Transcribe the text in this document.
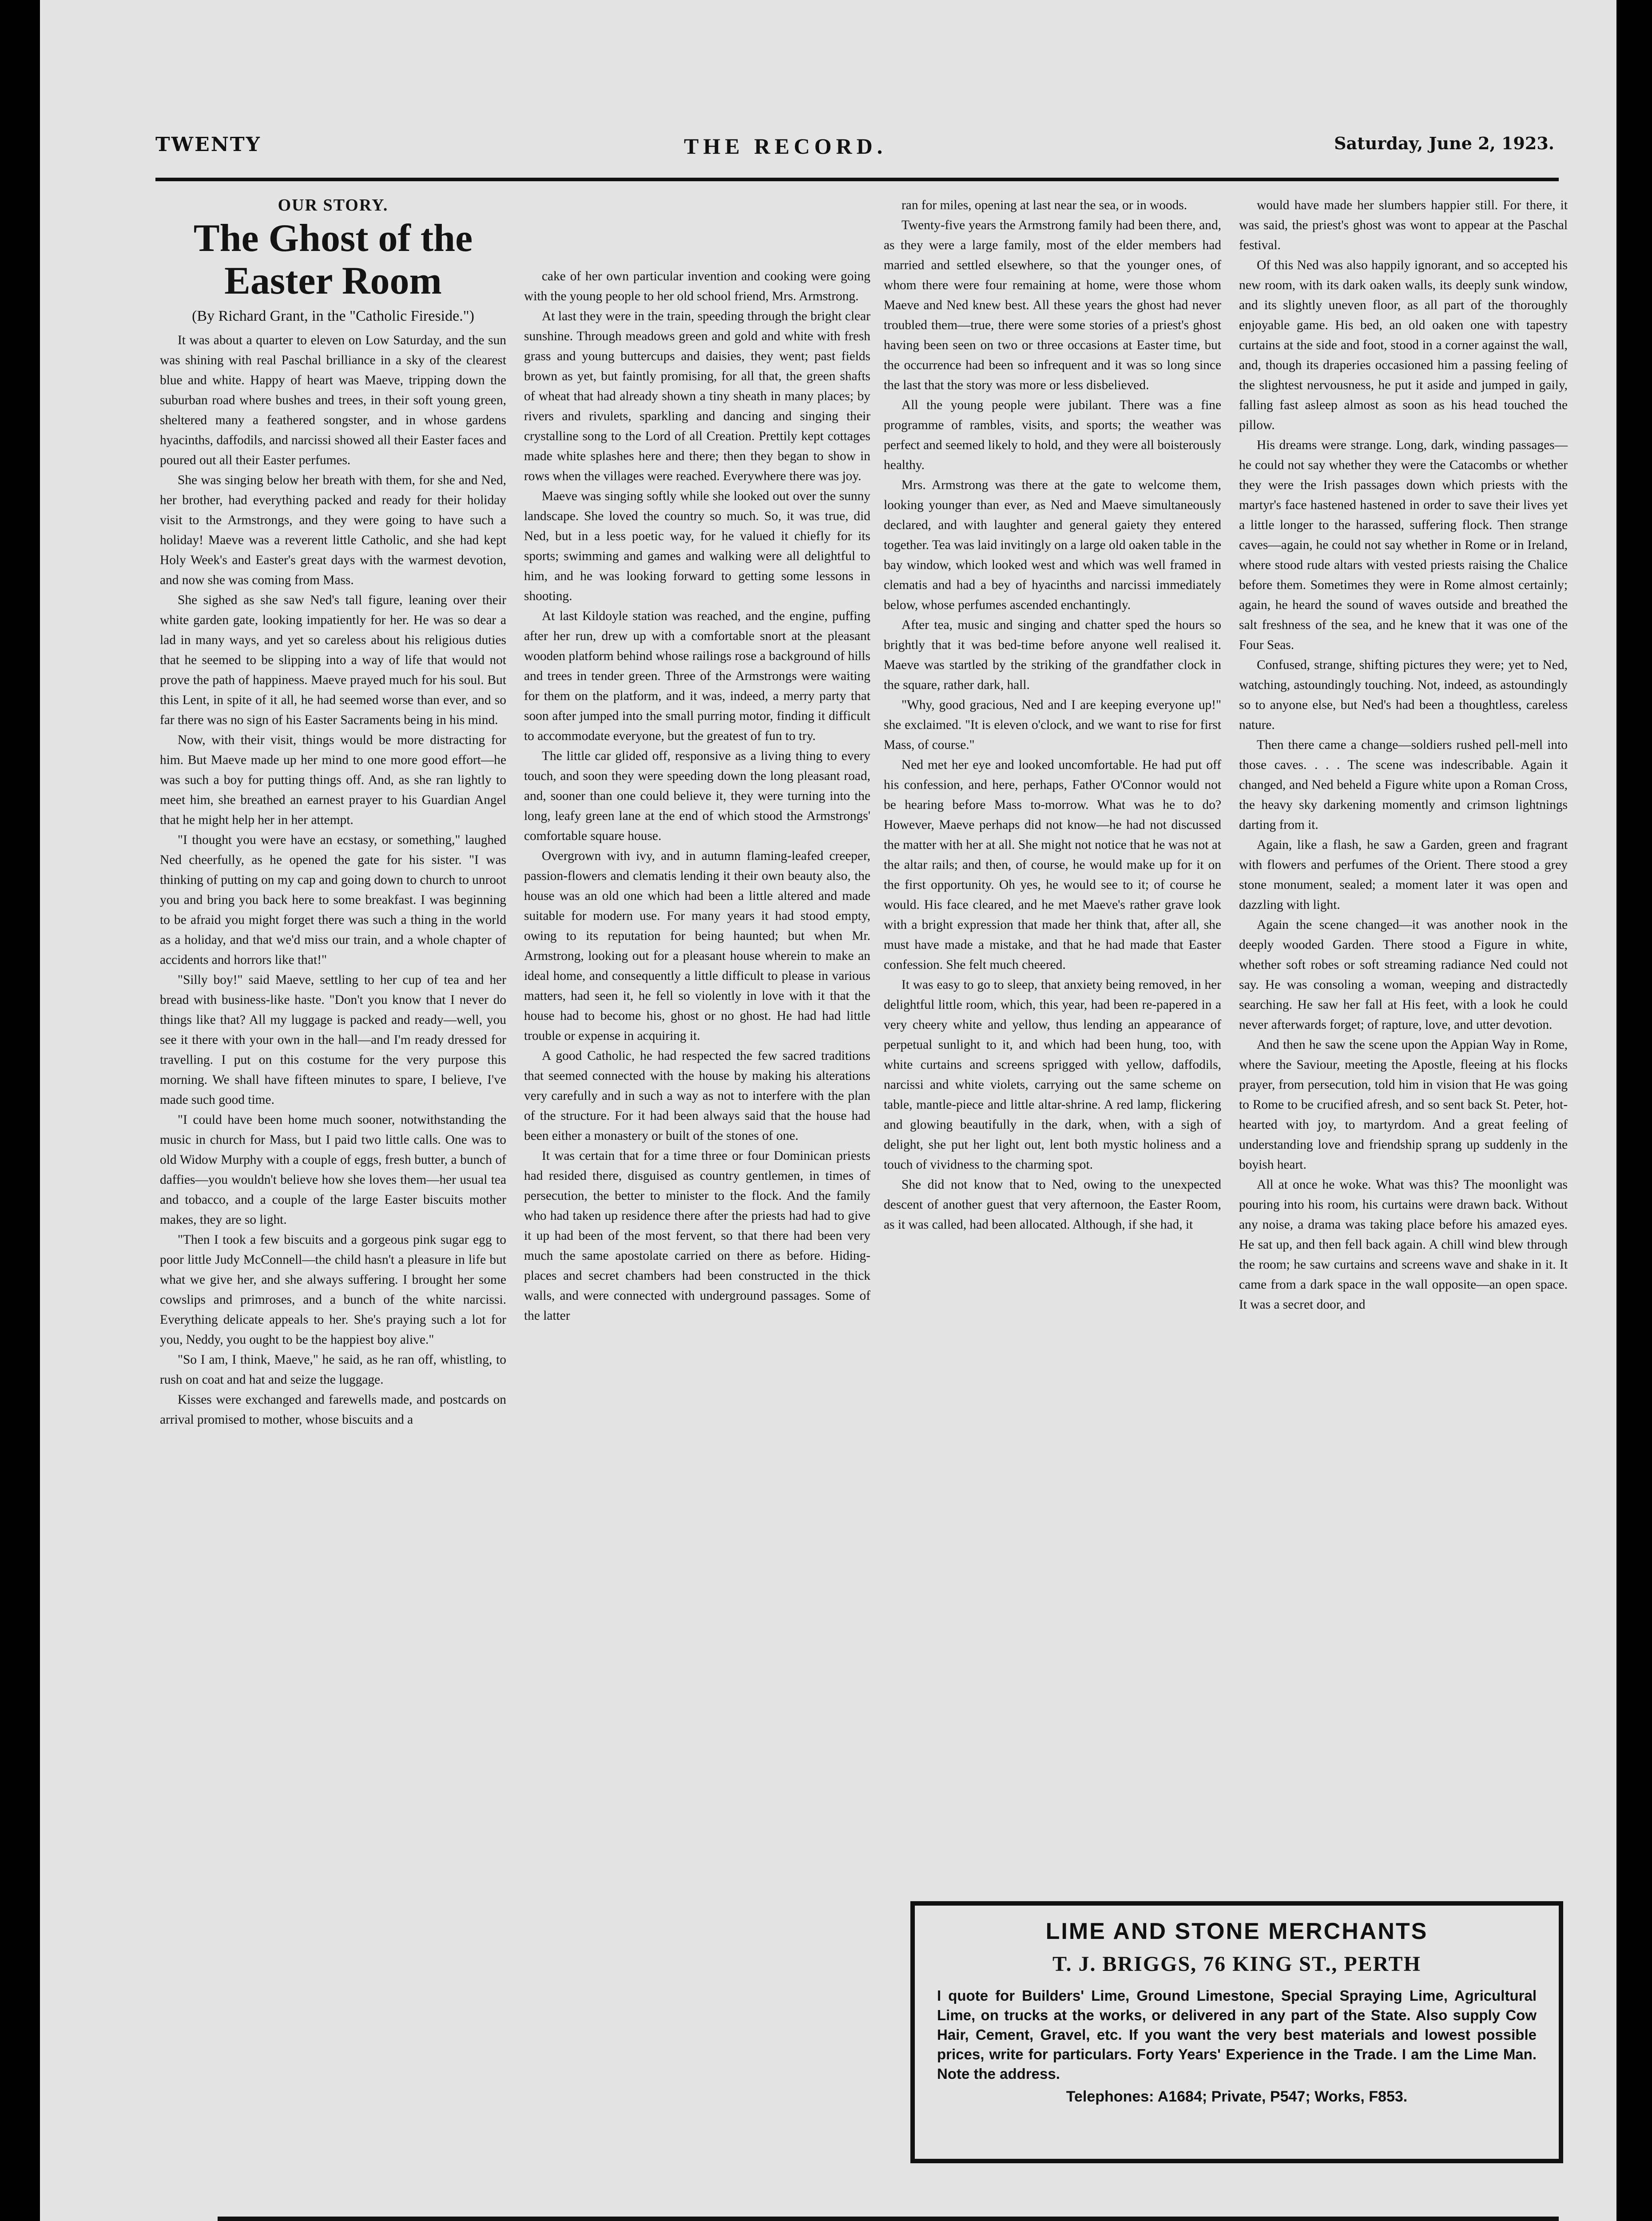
TWENTY	THE RECORD.	Saturday, June 2, 1923.
OUR STORY.
The Ghost of the Easter Room
(By Richard Grant, in the "Catholic Fireside.")

It was about a quarter to eleven on Low Saturday, and the sun was shining with real Paschal brilliance in a sky of the clearest blue and white. Happy of heart was Maeve, tripping down the suburban road where bushes and trees, in their soft young green, sheltered many a feathered songster, and in whose gardens hyacinths, daffodils, and narcissi showed all their Easter faces and poured out all their Easter perfumes.

She was singing below her breath with them, for she and Ned, her brother, had everything packed and ready for their holiday visit to the Armstrongs, and they were going to have such a holiday! Maeve was a reverent little Catholic, and she had kept Holy Week's and Easter's great days with the warmest devotion, and now she was coming from Mass.

She sighed as she saw Ned's tall figure, leaning over their white garden gate, looking impatiently for her. He was so dear a lad in many ways, and yet so careless about his religious duties that he seemed to be slipping into a way of life that would not prove the path of happiness. Maeve prayed much for his soul. But this Lent, in spite of it all, he had seemed worse than ever, and so far there was no sign of his Easter Sacraments being in his mind.

Now, with their visit, things would be more distracting for him. But Maeve made up her mind to one more good effort—he was such a boy for putting things off. And, as she ran lightly to meet him, she breathed an earnest prayer to his Guardian Angel that he might help her in her attempt.

"I thought you were have an ecstasy, or something," laughed Ned cheerfully, as he opened the gate for his sister. "I was thinking of putting on my cap and going down to church to unroot you and bring you back here to some breakfast. I was beginning to be afraid you might forget there was such a thing in the world as a holiday, and that we'd miss our train, and a whole chapter of accidents and horrors like that!"

"Silly boy!" said Maeve, settling to her cup of tea and her bread with business-like haste. "Don't you know that I never do things like that? All my luggage is packed and ready—well, you see it there with your own in the hall—and I'm ready dressed for travelling. I put on this costume for the very purpose this morning. We shall have fifteen minutes to spare, I believe, I've made such good time.

"I could have been home much sooner, notwithstanding the music in church for Mass, but I paid two little calls. One was to old Widow Murphy with a couple of eggs, fresh butter, a bunch of daffies—you wouldn't believe how she loves them—her usual tea and tobacco, and a couple of the large Easter biscuits mother makes, they are so light.

"Then I took a few biscuits and a gorgeous pink sugar egg to poor little Judy McConnell—the child hasn't a pleasure in life but what we give her, and she always suffering. I brought her some cowslips and primroses, and a bunch of the white narcissi. Everything delicate appeals to her. She's praying such a lot for you, Neddy, you ought to be the happiest boy alive."

"So I am, I think, Maeve," he said, as he ran off, whistling, to rush on coat and hat and seize the luggage.

Kisses were exchanged and farewells made, and postcards on arrival promised to mother, whose biscuits and a

cake of her own particular invention and cooking were going with the young people to her old school friend, Mrs. Armstrong.

At last they were in the train, speeding through the bright clear sunshine. Through meadows green and gold and white with fresh grass and young buttercups and daisies, they went; past fields brown as yet, but faintly promising, for all that, the green shafts of wheat that had already shown a tiny sheath in many places; by rivers and rivulets, sparkling and dancing and singing their crystalline song to the Lord of all Creation. Prettily kept cottages made white splashes here and there; then they began to show in rows when the villages were reached. Everywhere there was joy.

Maeve was singing softly while she looked out over the sunny landscape. She loved the country so much. So, it was true, did Ned, but in a less poetic way, for he valued it chiefly for its sports; swimming and games and walking were all delightful to him, and he was looking forward to getting some lessons in shooting.

At last Kildoyle station was reached, and the engine, puffing after her run, drew up with a comfortable snort at the pleasant wooden platform behind whose railings rose a background of hills and trees in tender green. Three of the Armstrongs were waiting for them on the platform, and it was, indeed, a merry party that soon after jumped into the small purring motor, finding it difficult to accommodate everyone, but the greatest of fun to try.

The little car glided off, responsive as a living thing to every touch, and soon they were speeding down the long pleasant road, and, sooner than one could believe it, they were turning into the long, leafy green lane at the end of which stood the Armstrongs' comfortable square house.

Overgrown with ivy, and in autumn flaming-leafed creeper, passion-flowers and clematis lending it their own beauty also, the house was an old one which had been a little altered and made suitable for modern use. For many years it had stood empty, owing to its reputation for being haunted; but when Mr. Armstrong, looking out for a pleasant house wherein to make an ideal home, and consequently a little difficult to please in various matters, had seen it, he fell so violently in love with it that the house had to become his, ghost or no ghost. He had had little trouble or expense in acquiring it.

A good Catholic, he had respected the few sacred traditions that seemed connected with the house by making his alterations very carefully and in such a way as not to interfere with the plan of the structure. For it had been always said that the house had been either a monastery or built of the stones of one.

It was certain that for a time three or four Dominican priests had resided there, disguised as country gentlemen, in times of persecution, the better to minister to the flock. And the family who had taken up residence there after the priests had had to give it up had been of the most fervent, so that there had been very much the same apostolate carried on there as before. Hiding-places and secret chambers had been constructed in the thick walls, and were connected with underground passages. Some of the latter

ran for miles, opening at last near the sea, or in woods.

Twenty-five years the Armstrong family had been there, and, as they were a large family, most of the elder members had married and settled elsewhere, so that the younger ones, of whom there were four remaining at home, were those whom Maeve and Ned knew best. All these years the ghost had never troubled them—true, there were some stories of a priest's ghost having been seen on two or three occasions at Easter time, but the occurrence had been so infrequent and it was so long since the last that the story was more or less disbelieved.

All the young people were jubilant. There was a fine programme of rambles, visits, and sports; the weather was perfect and seemed likely to hold, and they were all boisterously healthy.

Mrs. Armstrong was there at the gate to welcome them, looking younger than ever, as Ned and Maeve simultaneously declared, and with laughter and general gaiety they entered together. Tea was laid invitingly on a large old oaken table in the bay window, which looked west and which was well framed in clematis and had a bey of hyacinths and narcissi immediately below, whose perfumes ascended enchantingly.

After tea, music and singing and chatter sped the hours so brightly that it was bed-time before anyone well realised it. Maeve was startled by the striking of the grandfather clock in the square, rather dark, hall.

"Why, good gracious, Ned and I are keeping everyone up!" she exclaimed. "It is eleven o'clock, and we want to rise for first Mass, of course."

Ned met her eye and looked uncomfortable. He had put off his confession, and here, perhaps, Father O'Connor would not be hearing before Mass to-morrow. What was he to do? However, Maeve perhaps did not know—he had not discussed the matter with her at all. She might not notice that he was not at the altar rails; and then, of course, he would make up for it on the first opportunity. Oh yes, he would see to it; of course he would. His face cleared, and he met Maeve's rather grave look with a bright expression that made her think that, after all, she must have made a mistake, and that he had made that Easter confession. She felt much cheered.

It was easy to go to sleep, that anxiety being removed, in her delightful little room, which, this year, had been re-papered in a very cheery white and yellow, thus lending an appearance of perpetual sunlight to it, and which had been hung, too, with white curtains and screens sprigged with yellow, daffodils, narcissi and white violets, carrying out the same scheme on table, mantle-piece and little altar-shrine. A red lamp, flickering and glowing beautifully in the dark, when, with a sigh of delight, she put her light out, lent both mystic holiness and a touch of vividness to the charming spot.

She did not know that to Ned, owing to the unexpected descent of another guest that very afternoon, the Easter Room, as it was called, had been allocated. Although, if she had, it

would have made her slumbers happier still. For there, it was said, the priest's ghost was wont to appear at the Paschal festival.

Of this Ned was also happily ignorant, and so accepted his new room, with its dark oaken walls, its deeply sunk window, and its slightly uneven floor, as all part of the thoroughly enjoyable game. His bed, an old oaken one with tapestry curtains at the side and foot, stood in a corner against the wall, and, though its draperies occasioned him a passing feeling of the slightest nervousness, he put it aside and jumped in gaily, falling fast asleep almost as soon as his head touched the pillow.

His dreams were strange. Long, dark, winding passages—he could not say whether they were the Catacombs or whether they were the Irish passages down which priests with the martyr's face hastened hastened in order to save their lives yet a little longer to the harassed, suffering flock. Then strange caves—again, he could not say whether in Rome or in Ireland, where stood rude altars with vested priests raising the Chalice before them. Sometimes they were in Rome almost certainly; again, he heard the sound of waves outside and breathed the salt freshness of the sea, and he knew that it was one of the Four Seas.

Confused, strange, shifting pictures they were; yet to Ned, watching, astoundingly touching. Not, indeed, as astoundingly so to anyone else, but Ned's had been a thoughtless, careless nature.

Then there came a change—soldiers rushed pell-mell into those caves. . . . The scene was indescribable. Again it changed, and Ned beheld a Figure white upon a Roman Cross, the heavy sky darkening momently and crimson lightnings darting from it.

Again, like a flash, he saw a Garden, green and fragrant with flowers and perfumes of the Orient. There stood a grey stone monument, sealed; a moment later it was open and dazzling with light.

Again the scene changed—it was another nook in the deeply wooded Garden. There stood a Figure in white, whether soft robes or soft streaming radiance Ned could not say. He was consoling a woman, weeping and distractedly searching. He saw her fall at His feet, with a look he could never afterwards forget; of rapture, love, and utter devotion.

And then he saw the scene upon the Appian Way in Rome, where the Saviour, meeting the Apostle, fleeing at his flocks prayer, from persecution, told him in vision that He was going to Rome to be crucified afresh, and so sent back St. Peter, hot-hearted with joy, to martyrdom. And a great feeling of understanding love and friendship sprang up suddenly in the boyish heart.

All at once he woke. What was this? The moonlight was pouring into his room, his curtains were drawn back. Without any noise, a drama was taking place before his amazed eyes. He sat up, and then fell back again. A chill wind blew through the room; he saw curtains and screens wave and shake in it. It came from a dark space in the wall opposite—an open space. It was a secret door, and

LIME AND STONE MERCHANTS
T. J. BRIGGS, 76 KING ST., PERTH
I quote for Builders' Lime, Ground Limestone, Special Spraying Lime, Agricultural Lime, on trucks at the works, or delivered in any part of the State. Also supply Cow Hair, Cement, Gravel, etc. If you want the very best materials and lowest possible prices, write for particulars. Forty Years' Experience in the Trade. I am the Lime Man. Note the address.
Telephones: A1684; Private, P547; Works, F853.
